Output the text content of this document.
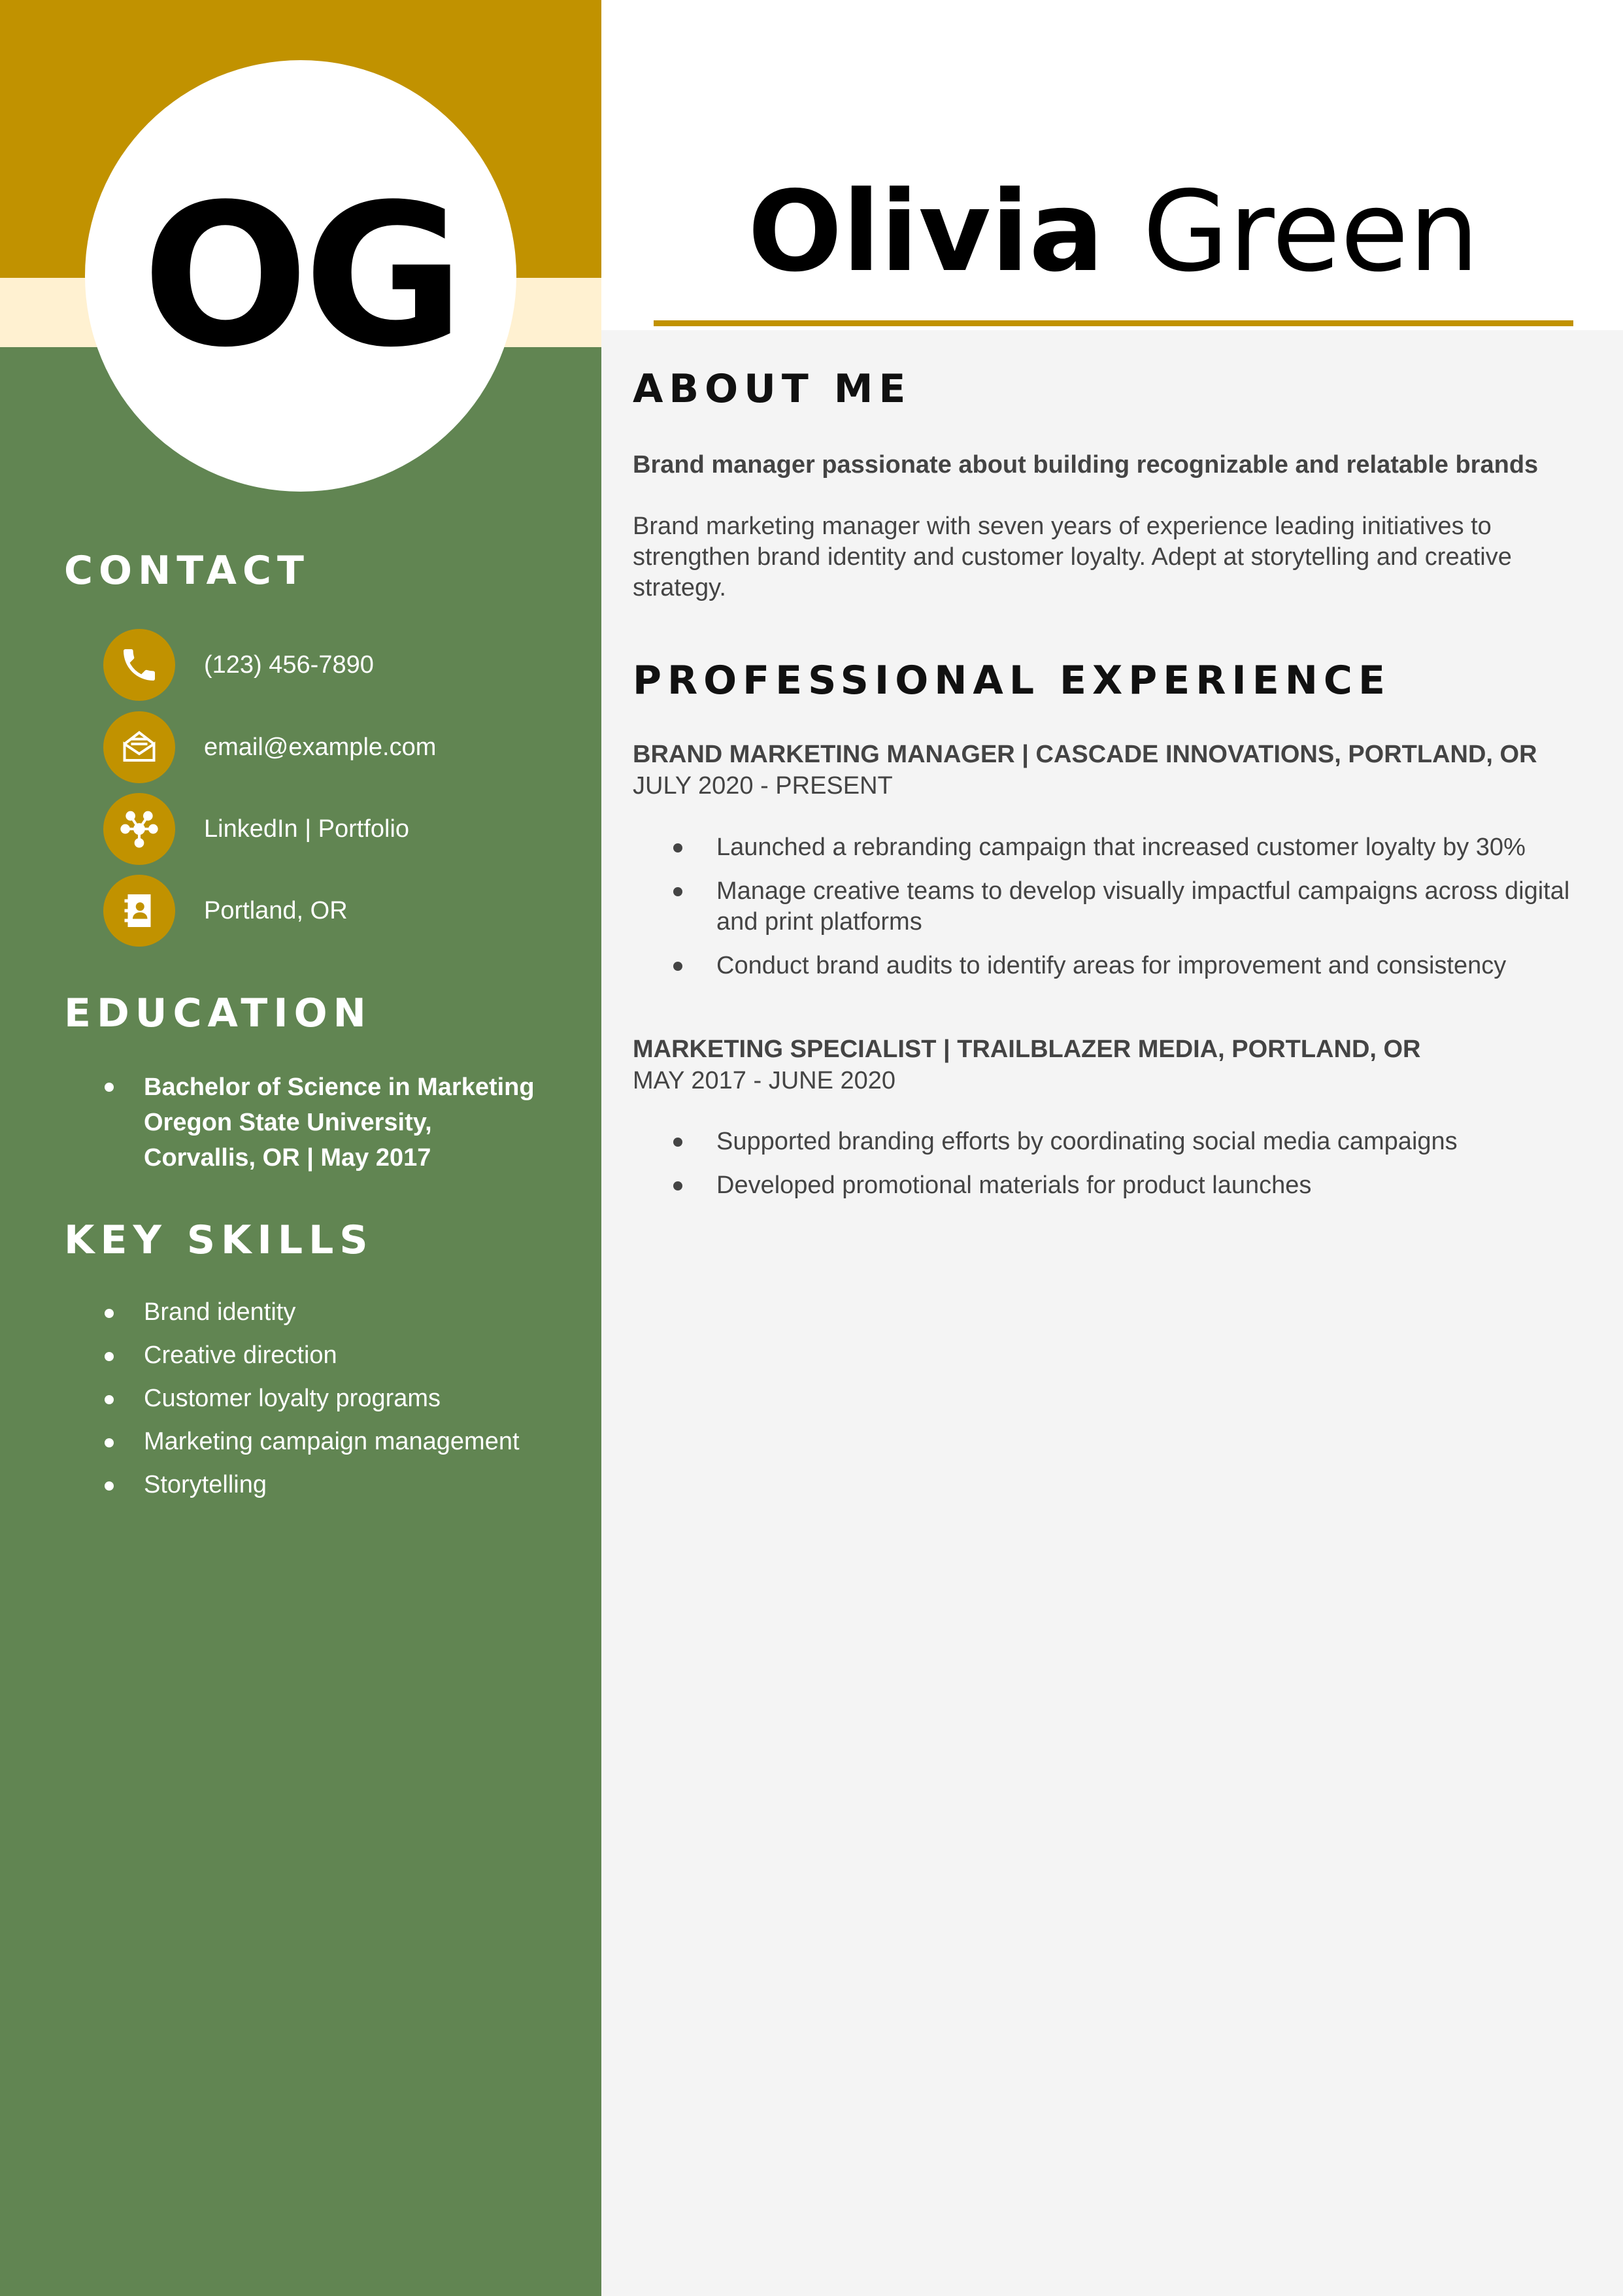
OG
CONTACT
(123) 456-7890
email@example.com
LinkedIn | Portfolio
Portland, OR
EDUCATION
Bachelor of Science in Marketing
Oregon State University,
Corvallis, OR | May 2017
KEY SKILLS
Brand identity
Creative direction
Customer loyalty programs
Marketing campaign management
Storytelling
Olivia Green
ABOUT ME

Brand manager passionate about building recognizable and relatable brands

Brand marketing manager with seven years of experience leading initiatives to strengthen brand identity and customer loyalty. Adept at storytelling and creative strategy.

PROFESSIONAL EXPERIENCE

BRAND MARKETING MANAGER | CASCADE INNOVATIONS, PORTLAND, OR

JULY 2020 - PRESENT

Launched a rebranding campaign that increased customer loyalty by 30%
Manage creative teams to develop visually impactful campaigns across digital and print platforms
Conduct brand audits to identify areas for improvement and consistency

MARKETING SPECIALIST | TRAILBLAZER MEDIA, PORTLAND, OR

MAY 2017 - JUNE 2020

Supported branding efforts by coordinating social media campaigns
Developed promotional materials for product launches
